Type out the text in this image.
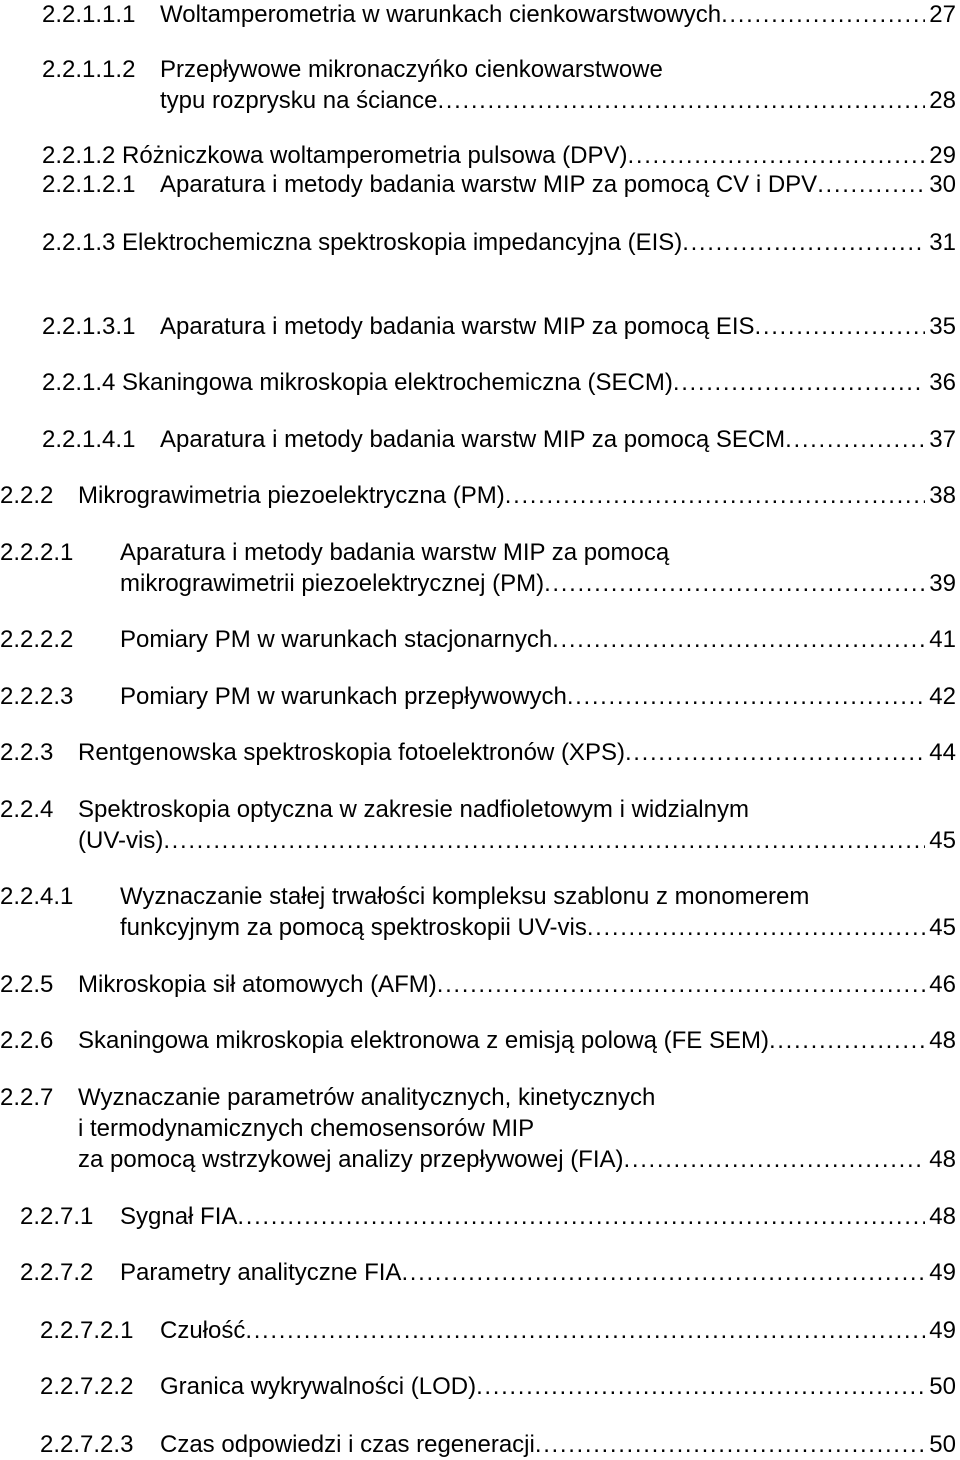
2.2.1.1.1	Woltamperometria w warunkach cienkowarstwowych . . .	27
2.2.1.1.2	Przepływowe mikronaczyńko cienkowarstwowe
typu rozprysku na ściance . . .	28
2.2.1.2 Różniczkowa woltamperometria pulsowa (DPV) . . .	29
2.2.1.2.1	Aparatura i metody badania warstw MIP za pomocą CV i DPV . . .	30
2.2.1.3 Elektrochemiczna spektroskopia impedancyjna (EIS) . . .	31
2.2.1.3.1	Aparatura i metody badania warstw MIP za pomocą EIS . . .	35
2.2.1.4 Skaningowa mikroskopia elektrochemiczna (SECM) . . .	36
2.2.1.4.1	Aparatura i metody badania warstw MIP za pomocą SECM . . .	37
2.2.2	Mikrograwimetria piezoelektryczna (PM) . . .	38
2.2.2.1	Aparatura i metody badania warstw MIP za pomocą
mikrograwimetrii piezoelektrycznej (PM) . . .	39
2.2.2.2	Pomiary PM w warunkach stacjonarnych . . .	41
2.2.2.3	Pomiary PM w warunkach przepływowych . . .	42
2.2.3	Rentgenowska spektroskopia fotoelektronów (XPS) . . .	44
2.2.4	Spektroskopia optyczna w zakresie nadfioletowym i widzialnym
(UV-vis) . . .	45
2.2.4.1	Wyznaczanie stałej trwałości kompleksu szablonu z monomerem
funkcyjnym za pomocą spektroskopii UV-vis . . .	45
2.2.5	Mikroskopia sił atomowych (AFM) . . .	46
2.2.6	Skaningowa mikroskopia elektronowa z emisją polową (FE SEM) . . .	48
2.2.7	Wyznaczanie parametrów analitycznych, kinetycznych
i termodynamicznych chemosensorów MIP
za pomocą wstrzykowej analizy przepływowej (FIA) . . .	48
2.2.7.1	Sygnał FIA . . .	48
2.2.7.2	Parametry analityczne FIA . . .	49
2.2.7.2.1	Czułość . . .	49
2.2.7.2.2	Granica wykrywalności (LOD) . . .	50
2.2.7.2.3	Czas odpowiedzi i czas regeneracji . . .	50
